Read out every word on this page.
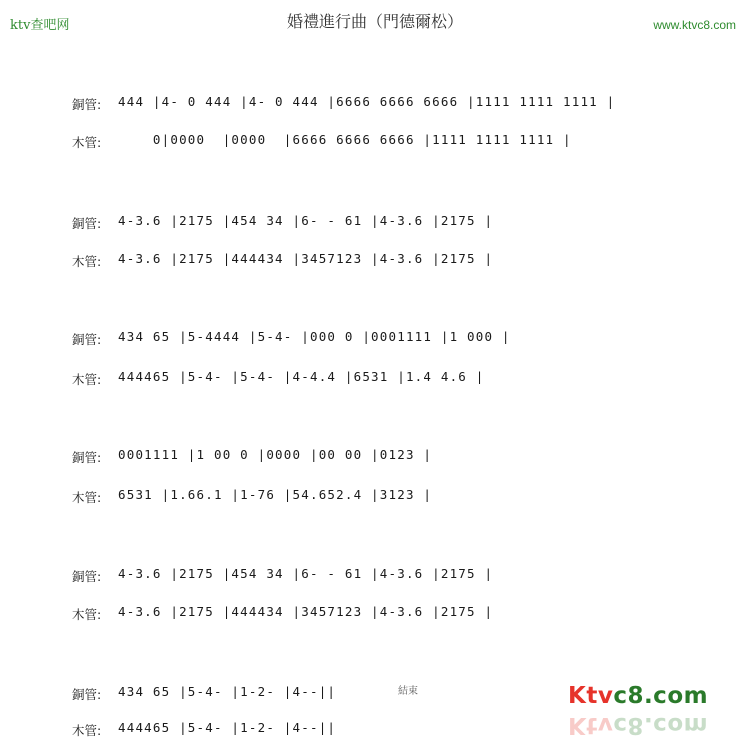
ktv查吧网	婚禮進行曲（門德爾松）	www.ktvc8.com
銅管: 444 |4- 0 444 |4- 0 444 |6666 6666 6666 |1111 1111 1111 |
木管: 0|0000  |0000  |6666 6666 6666 |1111 1111 1111 |
銅管: 4-3.6 |2175 |454 34 |6- - 61 |4-3.6 |2175 |
木管: 4-3.6 |2175 |444434 |3457123 |4-3.6 |2175 |
銅管: 434 65 |5-4444 |5-4- |000 0 |0001111 |1 000 |
木管: 444465 |5-4- |5-4- |4-4.4 |6531 |1.4 4.6 |
銅管: 0001111 |1 00 0 |0000 |00 00 |0123 |
木管: 6531 |1.66.1 |1-76 |54.652.4 |3123 |
銅管: 4-3.6 |2175 |454 34 |6- - 61 |4-3.6 |2175 |
木管: 4-3.6 |2175 |444434 |3457123 |4-3.6 |2175 |
銅管: 434 65 |5-4- |1-2- |4--||
木管: 444465 |5-4- |1-2- |4--||
結束	Ktvc8.com
Ktvc8.com
